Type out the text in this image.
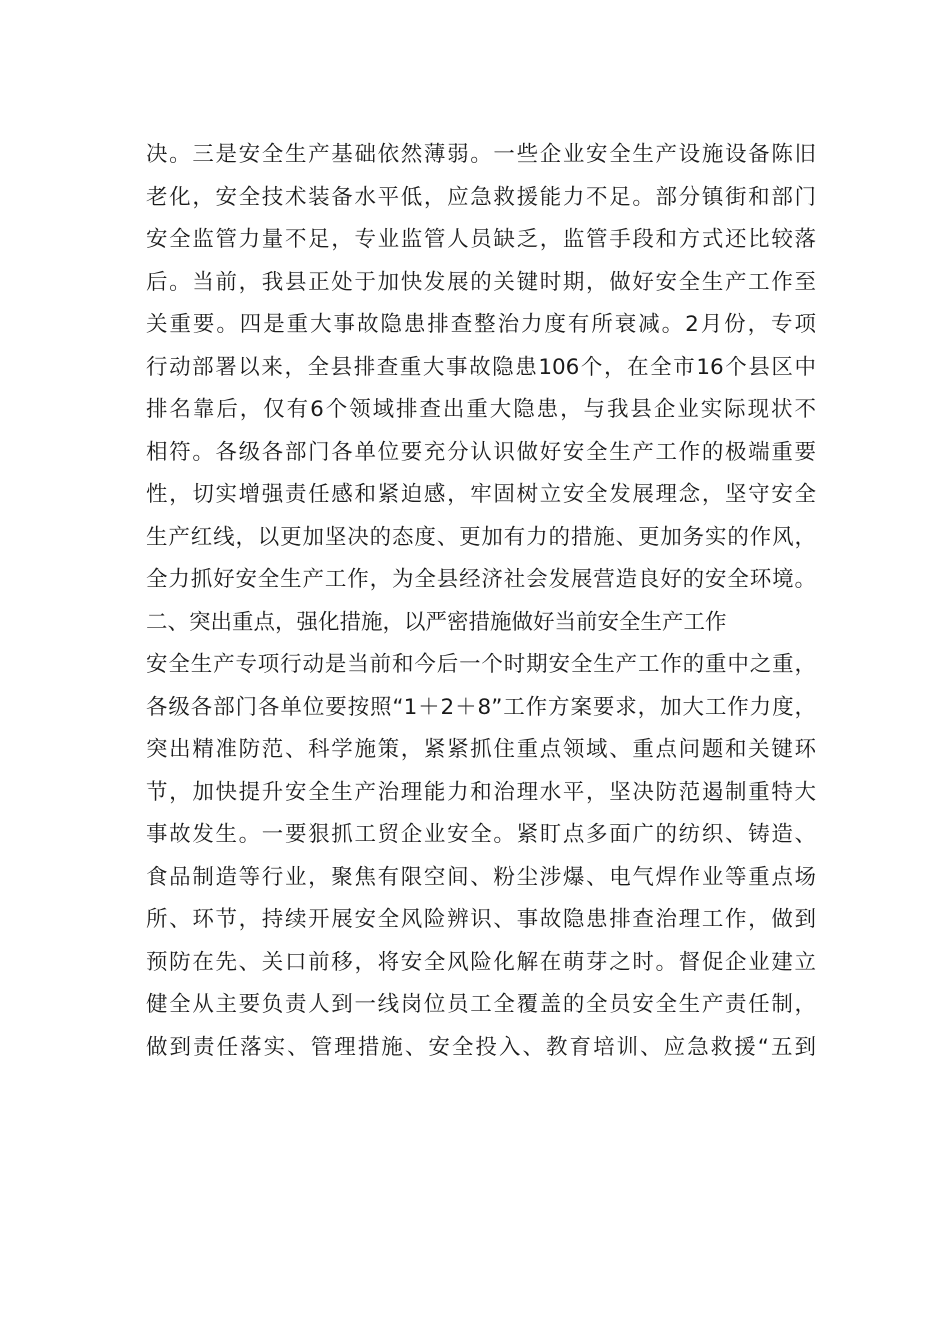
决。三是安全生产基础依然薄弱。一些企业安全生产设施设备陈旧
老化，安全技术装备水平低，应急救援能力不足。部分镇街和部门
安全监管力量不足，专业监管人员缺乏，监管手段和方式还比较落
后。当前，我县正处于加快发展的关键时期，做好安全生产工作至
关重要。四是重大事故隐患排查整治力度有所衰减。2月份，专项
行动部署以来，全县排查重大事故隐患106个，在全市16个县区中
排名靠后，仅有6个领域排查出重大隐患，与我县企业实际现状不
相符。各级各部门各单位要充分认识做好安全生产工作的极端重要
性，切实增强责任感和紧迫感，牢固树立安全发展理念，坚守安全
生产红线，以更加坚决的态度、更加有力的措施、更加务实的作风，
全力抓好安全生产工作，为全县经济社会发展营造良好的安全环境。
二、突出重点，强化措施，以严密措施做好当前安全生产工作
安全生产专项行动是当前和今后一个时期安全生产工作的重中之重，
各级各部门各单位要按照“1＋2＋8”工作方案要求，加大工作力度，
突出精准防范、科学施策，紧紧抓住重点领域、重点问题和关键环
节，加快提升安全生产治理能力和治理水平，坚决防范遏制重特大
事故发生。一要狠抓工贸企业安全。紧盯点多面广的纺织、铸造、
食品制造等行业，聚焦有限空间、粉尘涉爆、电气焊作业等重点场
所、环节，持续开展安全风险辨识、事故隐患排查治理工作，做到
预防在先、关口前移，将安全风险化解在萌芽之时。督促企业建立
健全从主要负责人到一线岗位员工全覆盖的全员安全生产责任制，
做到责任落实、管理措施、安全投入、教育培训、应急救援“五到
